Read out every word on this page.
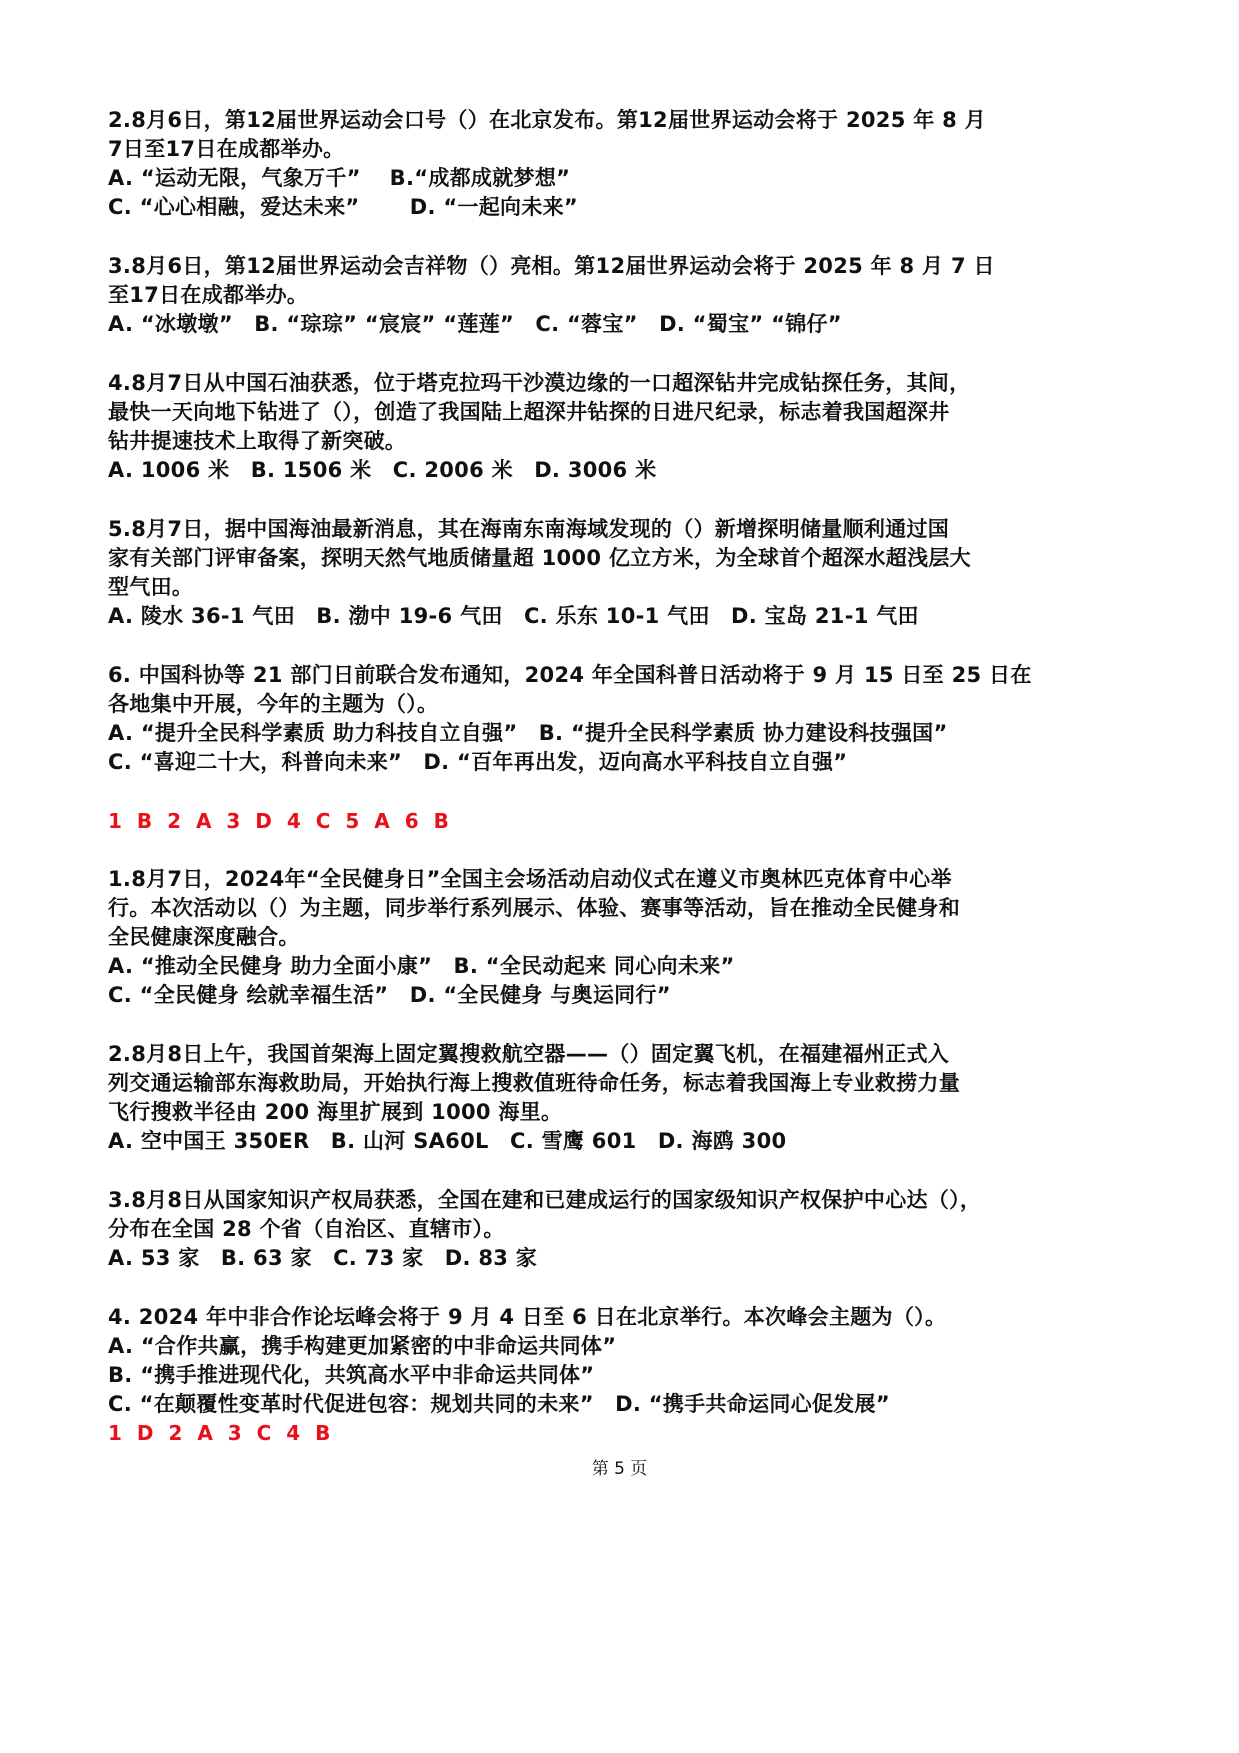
2.8月6日，第12届世界运动会口号（）在北京发布。第12届世界运动会将于 2025 年 8 月
7日至17日在成都举办。
A. “运动无限，气象万千”　 B.“成都成就梦想”
C. “心心相融，爱达未来”　　 D. “一起向未来”
3.8月6日，第12届世界运动会吉祥物（）亮相。第12届世界运动会将于 2025 年 8 月 7 日
至17日在成都举办。
A. “冰墩墩”　B. “琮琮” “宸宸” “莲莲”　C. “蓉宝”　D. “蜀宝” “锦仔”
4.8月7日从中国石油获悉，位于塔克拉玛干沙漠边缘的一口超深钻井完成钻探任务，其间，
最快一天向地下钻进了（），创造了我国陆上超深井钻探的日进尺纪录，标志着我国超深井
钻井提速技术上取得了新突破。
A. 1006 米　B. 1506 米　C. 2006 米　D. 3006 米
5.8月7日，据中国海油最新消息，其在海南东南海域发现的（）新增探明储量顺利通过国
家有关部门评审备案，探明天然气地质储量超 1000 亿立方米，为全球首个超深水超浅层大
型气田。
A. 陵水 36-1 气田　B. 渤中 19-6 气田　C. 乐东 10-1 气田　D. 宝岛 21-1 气田
6. 中国科协等 21 部门日前联合发布通知，2024 年全国科普日活动将于 9 月 15 日至 25 日在
各地集中开展，今年的主题为（）。
A. “提升全民科学素质 助力科技自立自强”　B. “提升全民科学素质 协力建设科技强国”
C. “喜迎二十大，科普向未来”　D. “百年再出发，迈向高水平科技自立自强”
1 B 2 A 3 D 4 C 5 A 6 B
1.8月7日，2024年“全民健身日”全国主会场活动启动仪式在遵义市奥林匹克体育中心举
行。本次活动以（）为主题，同步举行系列展示、体验、赛事等活动，旨在推动全民健身和
全民健康深度融合。
A. “推动全民健身 助力全面小康”　B. “全民动起来 同心向未来”
C. “全民健身 绘就幸福生活”　D. “全民健身 与奥运同行”
2.8月8日上午，我国首架海上固定翼搜救航空器——（）固定翼飞机，在福建福州正式入
列交通运输部东海救助局，开始执行海上搜救值班待命任务，标志着我国海上专业救捞力量
飞行搜救半径由 200 海里扩展到 1000 海里。
A. 空中国王 350ER　B. 山河 SA60L　C. 雪鹰 601　D. 海鸥 300
3.8月8日从国家知识产权局获悉，全国在建和已建成运行的国家级知识产权保护中心达（），
分布在全国 28 个省（自治区、直辖市）。
A. 53 家　B. 63 家　C. 73 家　D. 83 家
4. 2024 年中非合作论坛峰会将于 9 月 4 日至 6 日在北京举行。本次峰会主题为（）。
A. “合作共赢，携手构建更加紧密的中非命运共同体”
B. “携手推进现代化，共筑高水平中非命运共同体”
C. “在颠覆性变革时代促进包容：规划共同的未来”　D. “携手共命运同心促发展”
1 D 2 A 3 C 4 B
第 5 页
